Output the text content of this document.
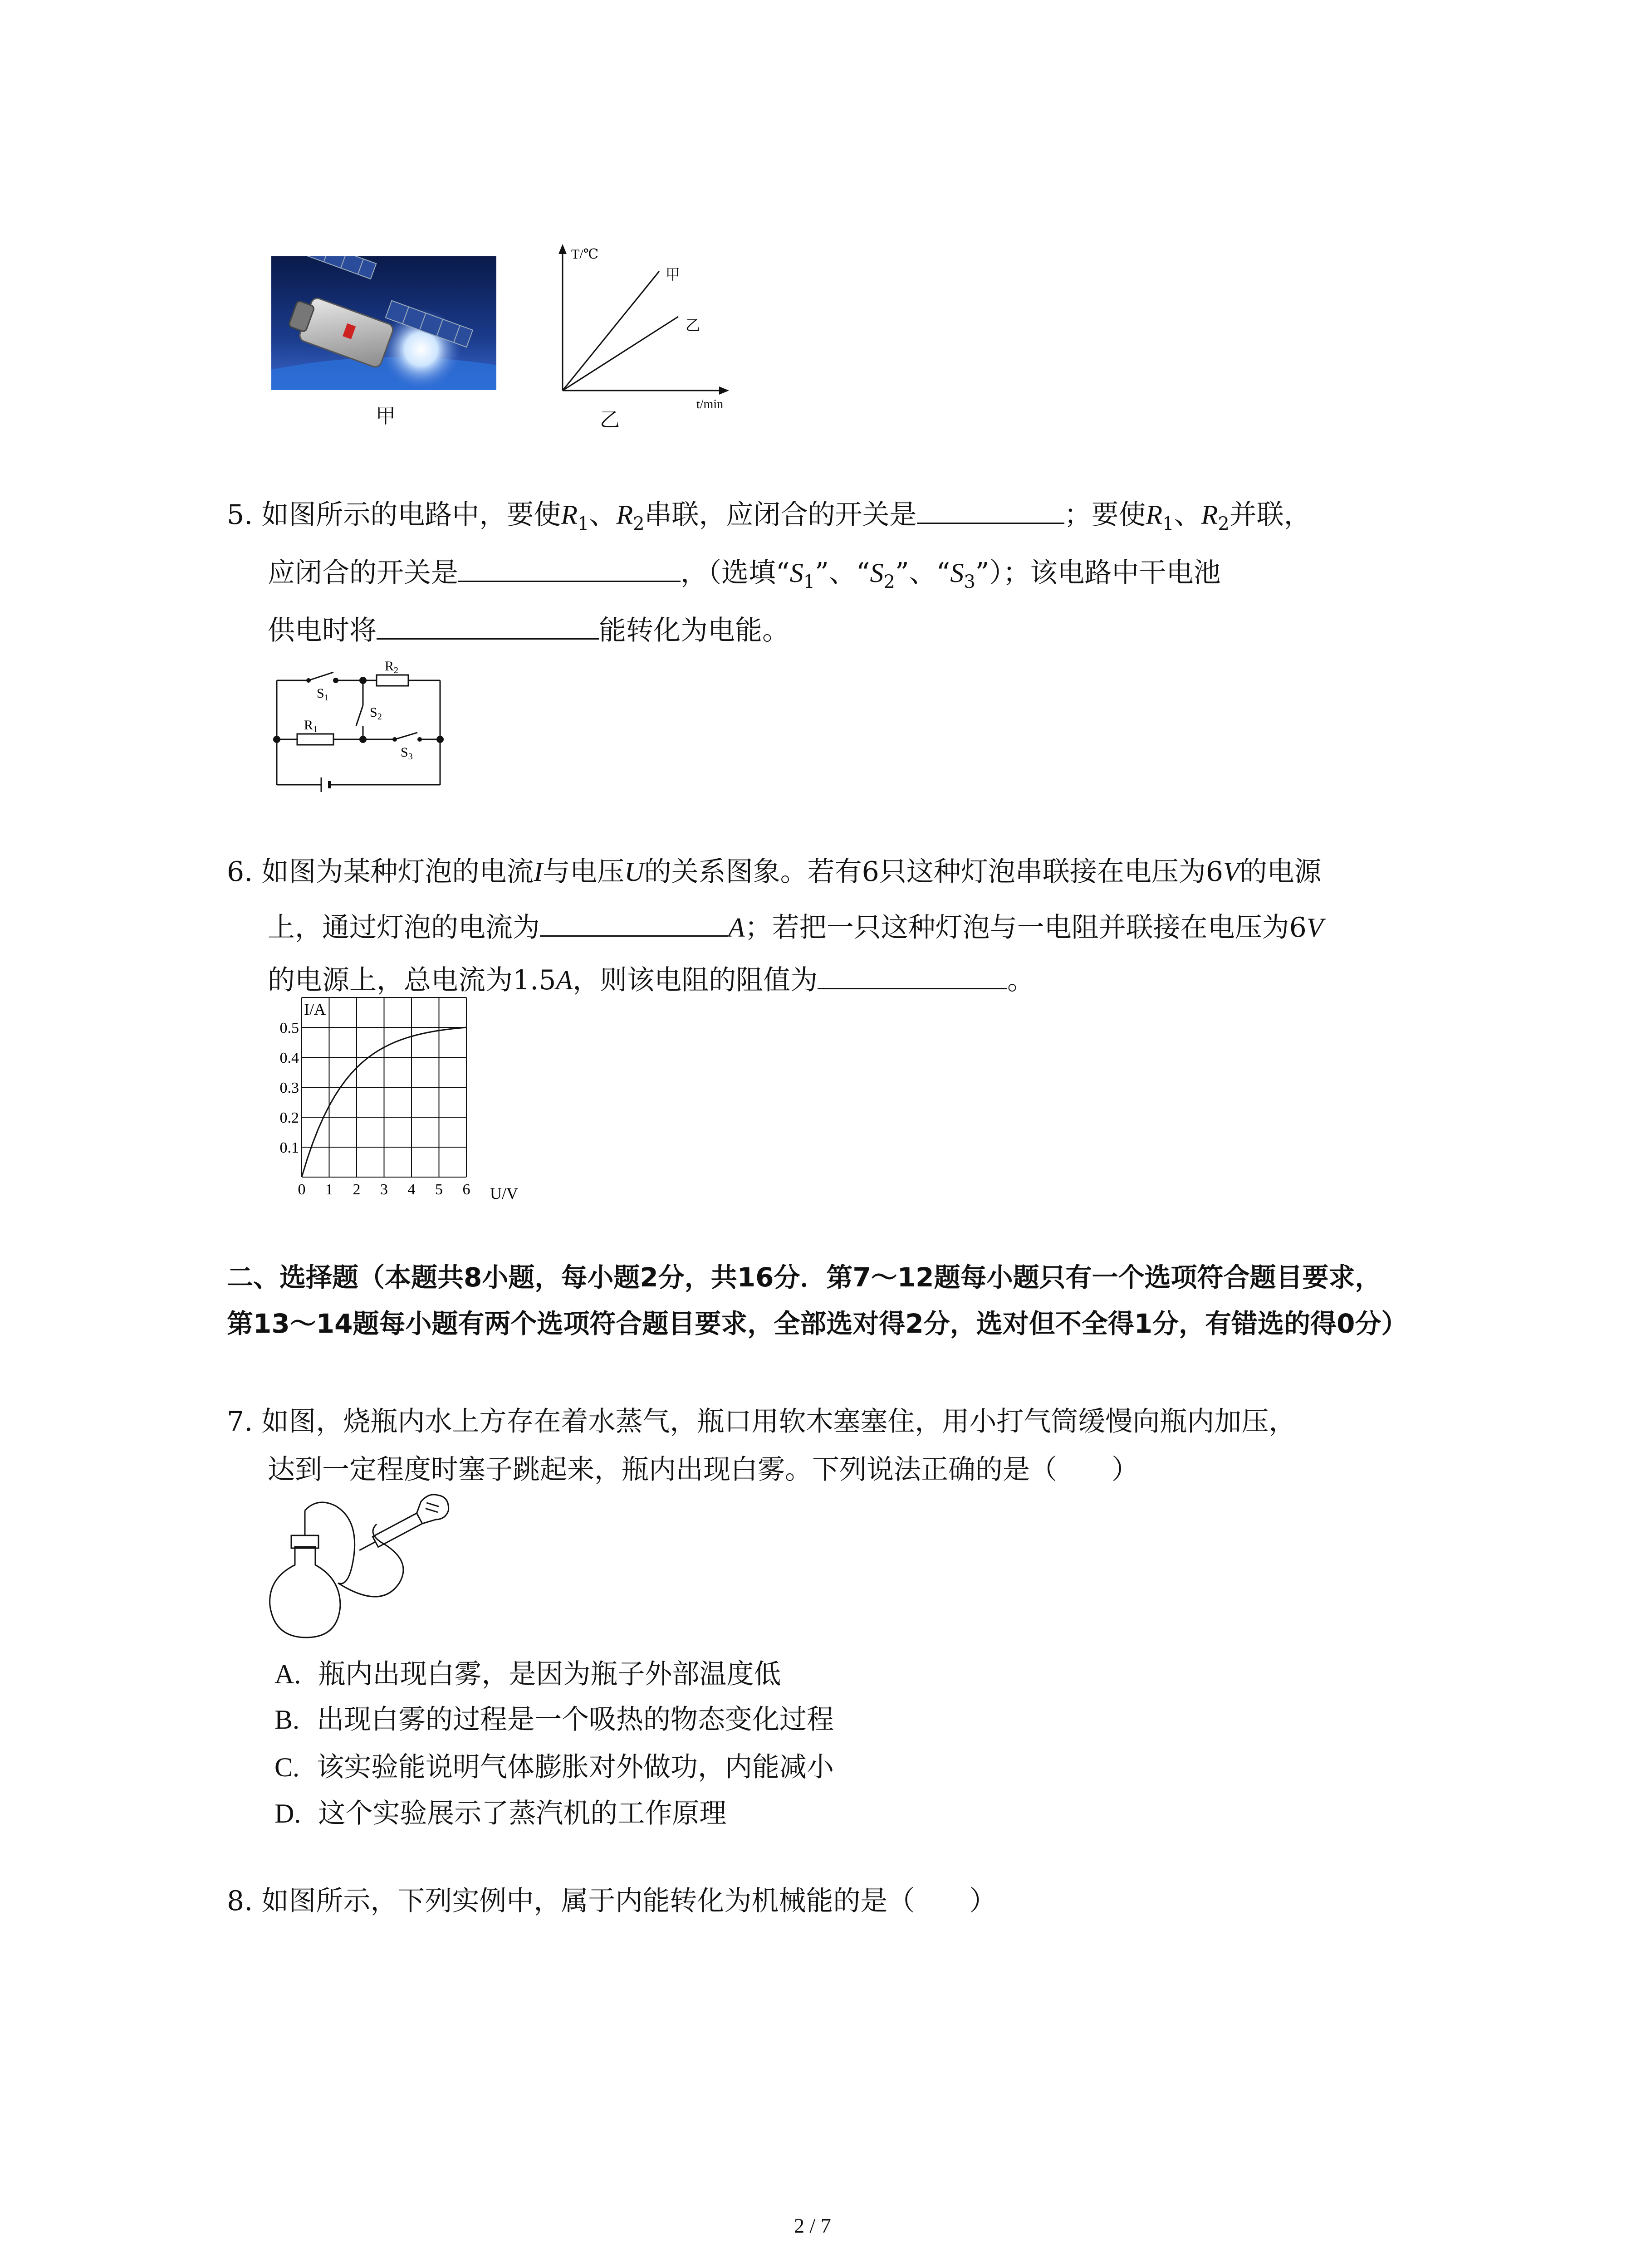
甲
T/℃
t/min
甲
乙
乙
5. 如图所示的电路中，要使$R_1$、$R_2$串联，应闭合的开关是	；要使$R_1$、$R_2$并联，
应闭合的开关是	，（选填“$S_1$”、“$S_2$”、“$S_3$”）；该电路中干电池
供电时将	能转化为电能。
$R_2$
$S_1$
$R_1$
$S_2$
$S_3$
6. 如图为某种灯泡的电流I与电压U的关系图象。若有6只这种灯泡串联接在电压为6V的电源
上，通过灯泡的电流为	A；若把一只这种灯泡与一电阻并联接在电压为6V
的电源上，总电流为1.5A，则该电阻的阻值为	。
I/A
U/V
0.5
0.4
0.3
0.2
0.1
0 1 2 3 4 5 6
二、选择题（本题共8小题，每小题2分，共16分．第7～12题每小题只有一个选项符合题目要求，第13～14题每小题有两个选项符合题目要求，全部选对得2分，选对但不全得1分，有错选的得0分）
7. 如图，烧瓶内水上方存在着水蒸气，瓶口用软木塞塞住，用小打气筒缓慢向瓶内加压，
达到一定程度时塞子跳起来，瓶内出现白雾。下列说法正确的是（　　）
A. 瓶内出现白雾，是因为瓶子外部温度低
B. 出现白雾的过程是一个吸热的物态变化过程
C. 该实验能说明气体膨胀对外做功，内能减小
D. 这个实验展示了蒸汽机的工作原理
8. 如图所示，下列实例中，属于内能转化为机械能的是（　　）
2 / 7
